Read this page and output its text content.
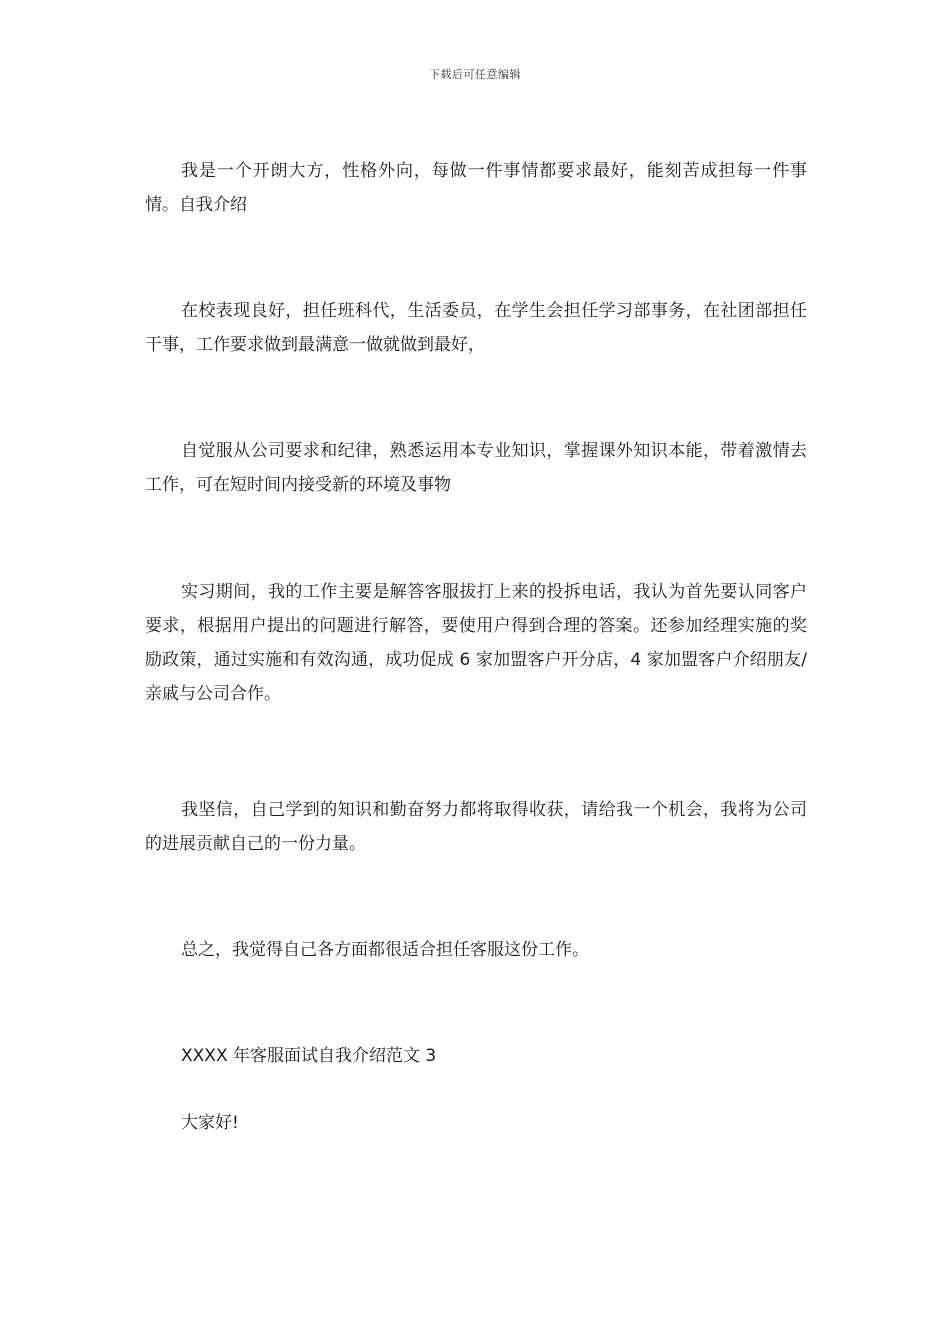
下载后可任意编辑

我是一个开朗大方，性格外向，每做一件事情都要求最好，能刻苦成担每一件事情。自我介绍

在校表现良好，担任班科代，生活委员，在学生会担任学习部事务，在社团部担任干事，工作要求做到最满意一做就做到最好，

自觉服从公司要求和纪律，熟悉运用本专业知识，掌握课外知识本能，带着激情去工作，可在短时间内接受新的环境及事物

实习期间，我的工作主要是解答客服拔打上来的投拆电话，我认为首先要认同客户要求，根据用户提出的问题进行解答，要使用户得到合理的答案。还参加经理实施的奖励政策，通过实施和有效沟通，成功促成 6 家加盟客户开分店，4 家加盟客户介绍朋友/亲戚与公司合作。

我坚信，自己学到的知识和勤奋努力都将取得收获，请给我一个机会，我将为公司的进展贡献自己的一份力量。

总之，我觉得自己各方面都很适合担任客服这份工作。

XXXX 年客服面试自我介绍范文 3

大家好!
